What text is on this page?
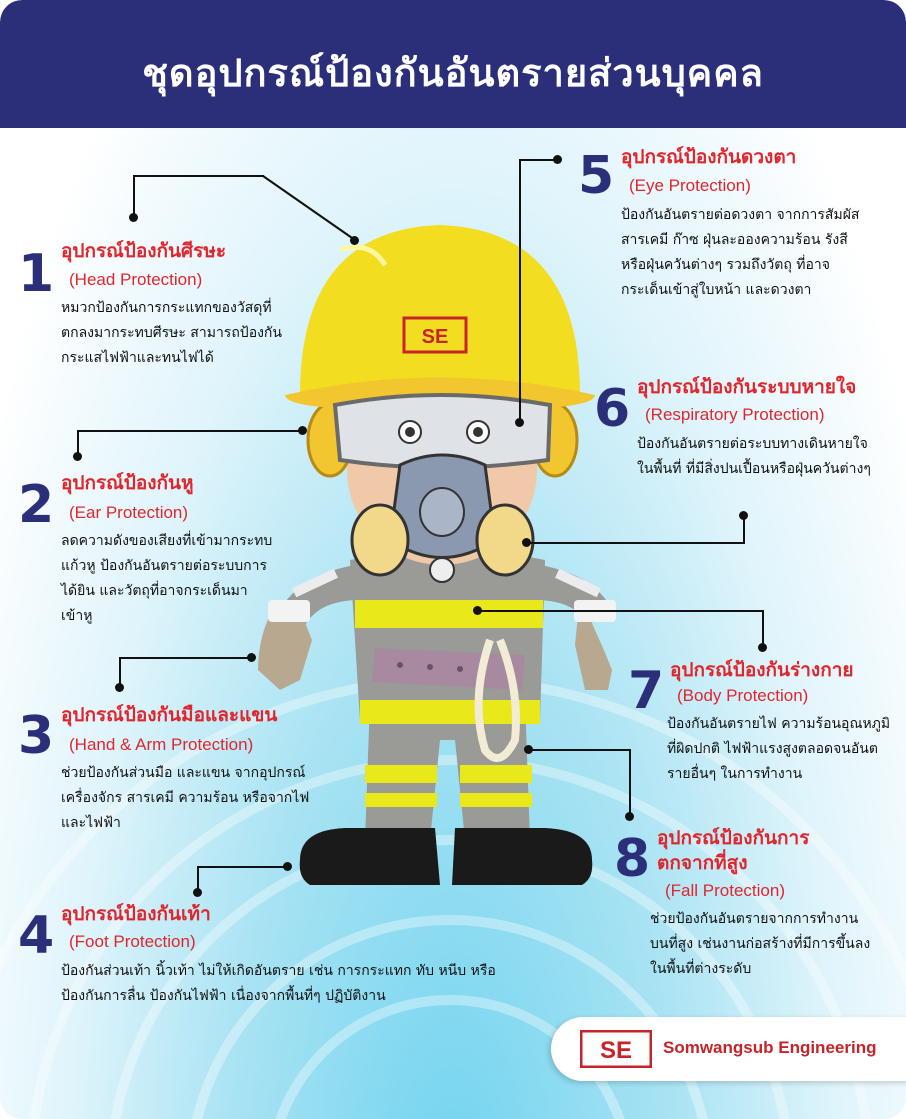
ชุดอุปกรณ์ป้องกันอันตรายส่วนบุคคล
SE
1 อุปกรณ์ป้องกันศีรษะ
(Head Protection)
หมวกป้องกันการกระแทกของวัสดุที่ตกลงมากระทบศีรษะ สามารถป้องกันกระแสไฟฟ้าและทนไฟได้
2 อุปกรณ์ป้องกันหู
(Ear Protection)
ลดความดังของเสียงที่เข้ามากระทบแก้วหู ป้องกันอันตรายต่อระบบการได้ยิน และวัตถุที่อาจกระเด็นมาเข้าหู
3 อุปกรณ์ป้องกันมือและแขน
(Hand & Arm Protection)
ช่วยป้องกันส่วนมือ และแขน จากอุปกรณ์เครื่องจักร สารเคมี ความร้อน หรือจากไฟ และไฟฟ้า
4 อุปกรณ์ป้องกันเท้า
(Foot Protection)
ป้องกันส่วนเท้า นิ้วเท้า ไม่ให้เกิดอันตราย เช่น การกระแทก ทับ หนีบ หรือป้องกันการลื่น ป้องกันไฟฟ้า เนื่องจากพื้นที่ๆ ปฏิบัติงาน
5 อุปกรณ์ป้องกันดวงตา
(Eye Protection)
ป้องกันอันตรายต่อดวงตา จากการสัมผัสสารเคมี ก๊าซ ฝุ่นละอองความร้อน รังสี หรือฝุ่นควันต่างๆ รวมถึงวัตถุ ที่อาจกระเด็นเข้าสู่ใบหน้า และดวงตา
6 อุปกรณ์ป้องกันระบบหายใจ
(Respiratory Protection)
ป้องกันอันตรายต่อระบบทางเดินหายใจ ในพื้นที่ ที่มีสิ่งปนเปื้อนหรือฝุ่นควันต่างๆ
7 อุปกรณ์ป้องกันร่างกาย
(Body Protection)
ป้องกันอันตรายไฟ ความร้อนอุณหภูมิที่ผิดปกติ ไฟฟ้าแรงสูงตลอดจนอันตรายอื่นๆ ในการทำงาน
8 อุปกรณ์ป้องกันการตกจากที่สูง
(Fall Protection)
ช่วยป้องกันอันตรายจากการทำงานบนที่สูง เช่นงานก่อสร้างที่มีการขึ้นลง ในพื้นที่ต่างระดับ
SE Somwangsub Engineering
